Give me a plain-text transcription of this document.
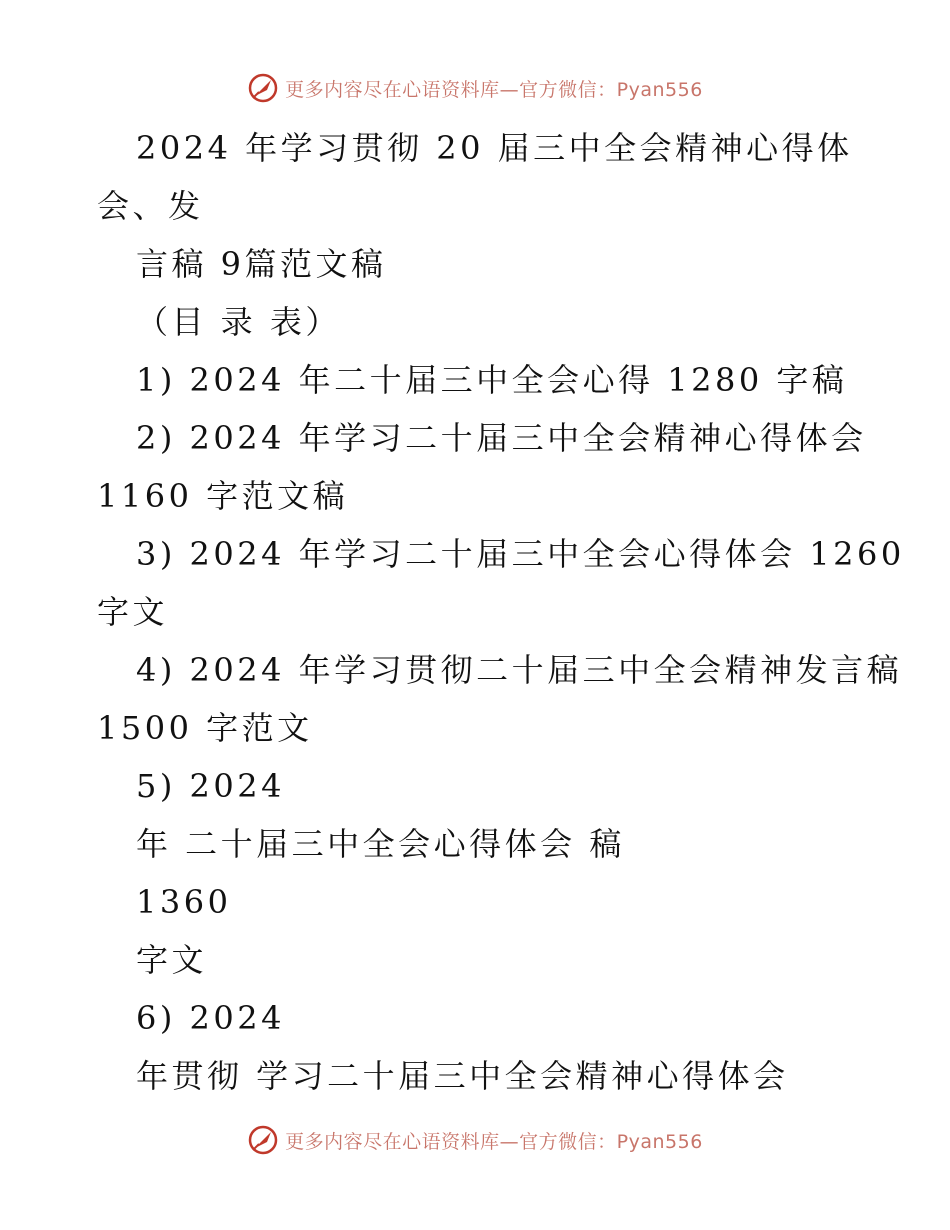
更多内容尽在心语资料库—官方微信：Pyan556
2024 年学习贯彻 20 届三中全会精神心得体
会、发
言稿 9篇范文稿
（目 录 表）
1) 2024 年二十届三中全会心得 1280 字稿
2) 2024 年学习二十届三中全会精神心得体会
1160 字范文稿
3) 2024 年学习二十届三中全会心得体会 1260
字文
4) 2024 年学习贯彻二十届三中全会精神发言稿
1500 字范文
5) 2024
年 二十届三中全会心得体会 稿
1360
字文
6) 2024
年贯彻 学习二十届三中全会精神心得体会
更多内容尽在心语资料库—官方微信：Pyan556
